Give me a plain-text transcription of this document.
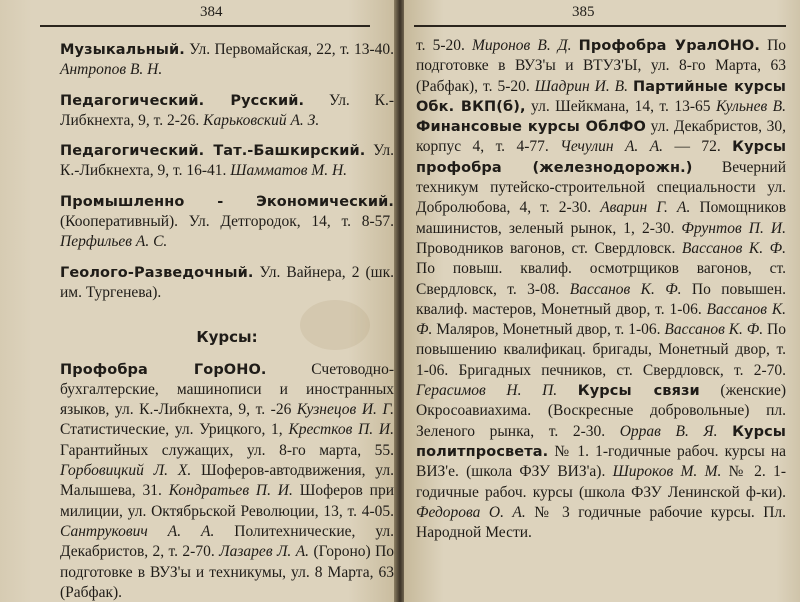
384
Музыкальный. Ул. Первомайская, 22, т. 13-40. Антропов В. Н.
Педагогический. Русский. Ул. К.-Либкнехта, 9, т. 2-26. Карьковский А. З.
Педагогический. Тат.-Башкирский. Ул. К.-Либкнехта, 9, т. 16-41. Шамматов М. Н.
Промышленно - Экономический. (Кооперативный). Ул. Детгородок, 14, т. 8-57. Перфильев А. С.
Геолого-Разведочный. Ул. Вайнера, 2 (шк. им. Тургенева).
Курсы:
Профобра ГорОНО.	Счетоводно-бухгалтерские, машинописи и иностранных языков, ул. К.-Либкнехта, 9, т. -26 Кузнецов И. Г. Статистические, ул. Урицкого, 1, Крестков П. И. Гарантийных служащих, ул. 8-го марта, 55. Горбовицкий Л. Х. Шоферов-автодвижения, ул. Малышева, 31. Кондратьев П. И. Шоферов при милиции, ул. Октябрьской Революции, 13, т. 4-05. Сантрукович А. А. Политехнические, ул. Декабристов, 2, т. 2-70. Лазарев Л. А. (Гороно) По подготовке в ВУЗ'ы и техникумы, ул. 8 Марта, 63 (Рабфак).
385
т. 5-20. Миронов В. Д. Профобра УралОНО. По подготовке в ВУЗ'ы и ВТУЗ'Ы, ул. 8-го Марта, 63 (Рабфак), т. 5-20. Шадрин И. В. Партийные курсы Обк. ВКП(б), ул. Шейкмана, 14, т. 13-65 Кульнев В. Финансовые курсы ОблФО ул. Декабристов, 30, корпус 4, т. 4-77. Чечулин А. А. — 72. Курсы профобра (железнодорожн.) Вечерний техникум путейско-строительной специальности ул. Добролюбова, 4, т. 2-30. Аварин Г. А. Помощников машинистов, зеленый рынок, 1, 2-30. Фрунтов П. И. Проводников вагонов, ст. Свердловск. Вассанов К. Ф. По повыш. квалиф. осмотрщиков вагонов, ст. Свердловск, т. 3-08. Вассанов К. Ф. По повышен. квалиф. мастеров, Монетный двор, т. 1-06. Вассанов К. Ф. Маляров, Монетный двор, т. 1-06. Вассанов К. Ф. По повышению квалификац. бригады, Монетный двор, т. 1-06. Бригадных печников, ст. Свердловск, т. 2-70. Герасимов Н. П. Курсы связи (женские) Окросоавиахима. (Воскресные добровольные) пл. Зеленого рынка, т. 2-30. Оррав В. Я. Курсы политпросвета. № 1. 1-годичные рабоч. курсы на ВИЗ'е. (школа ФЗУ ВИЗ'а). Широков М. М. № 2. 1-годичные рабоч. курсы (школа ФЗУ Ленинской ф-ки). Федорова О. А. № 3 годичные рабочие курсы. Пл. Народной Мести.
